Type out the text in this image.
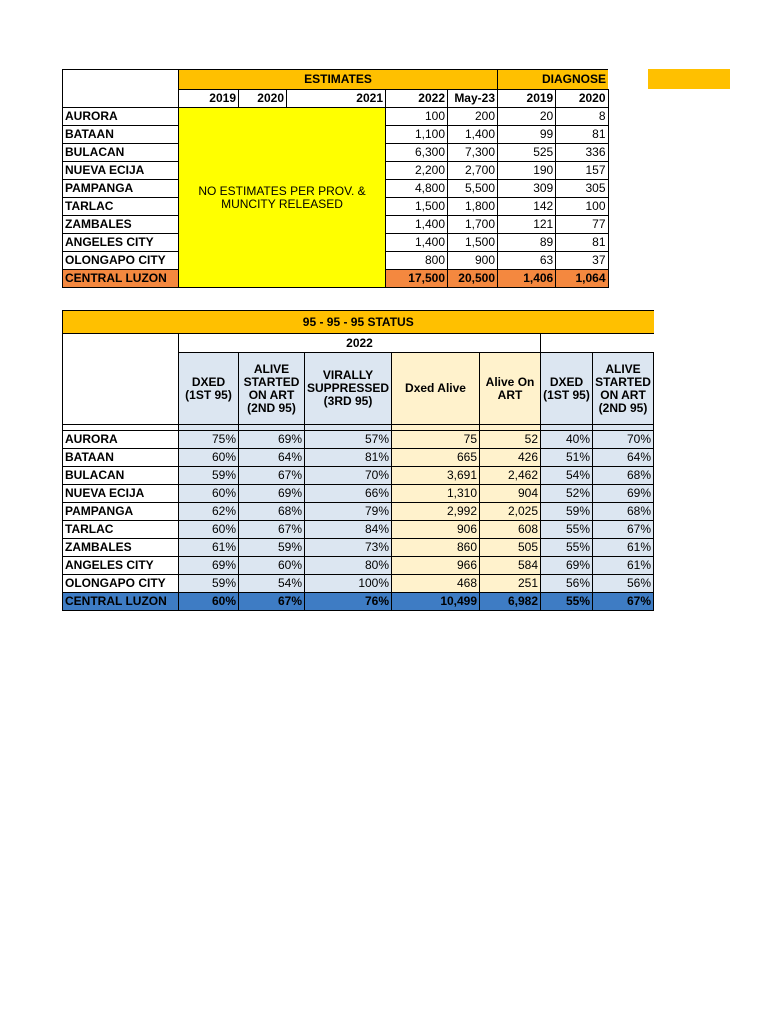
	ESTIMATES					DIAGNOSE	
	2019	2020	2021	2022	May-23	2019	2020
AURORA	NO ESTIMATES PER PROV. & MUNCITY RELEASED			100	200	20	8
BATAAN				1,100	1,400	99	81
BULACAN				6,300	7,300	525	336
NUEVA ECIJA				2,200	2,700	190	157
PAMPANGA				4,800	5,500	309	305
TARLAC				1,500	1,800	142	100
ZAMBALES				1,400	1,700	121	77
ANGELES CITY				1,400	1,500	89	81
OLONGAPO CITY				800	900	63	37
CENTRAL LUZON				17,500	20,500	1,406	1,064
95 - 95 - 95 STATUS							
	2022						
	DXED (1ST 95)	ALIVE STARTED ON ART (2ND 95)	VIRALLY SUPPRESSED (3RD 95)	Dxed Alive	Alive On ART	DXED (1ST 95)	ALIVE STARTED ON ART (2ND 95)

AURORA	75%	69%	57%	75	52	40%	70%
BATAAN	60%	64%	81%	665	426	51%	64%
BULACAN	59%	67%	70%	3,691	2,462	54%	68%
NUEVA ECIJA	60%	69%	66%	1,310	904	52%	69%
PAMPANGA	62%	68%	79%	2,992	2,025	59%	68%
TARLAC	60%	67%	84%	906	608	55%	67%
ZAMBALES	61%	59%	73%	860	505	55%	61%
ANGELES CITY	69%	60%	80%	966	584	69%	61%
OLONGAPO CITY	59%	54%	100%	468	251	56%	56%
CENTRAL LUZON	60%	67%	76%	10,499	6,982	55%	67%
